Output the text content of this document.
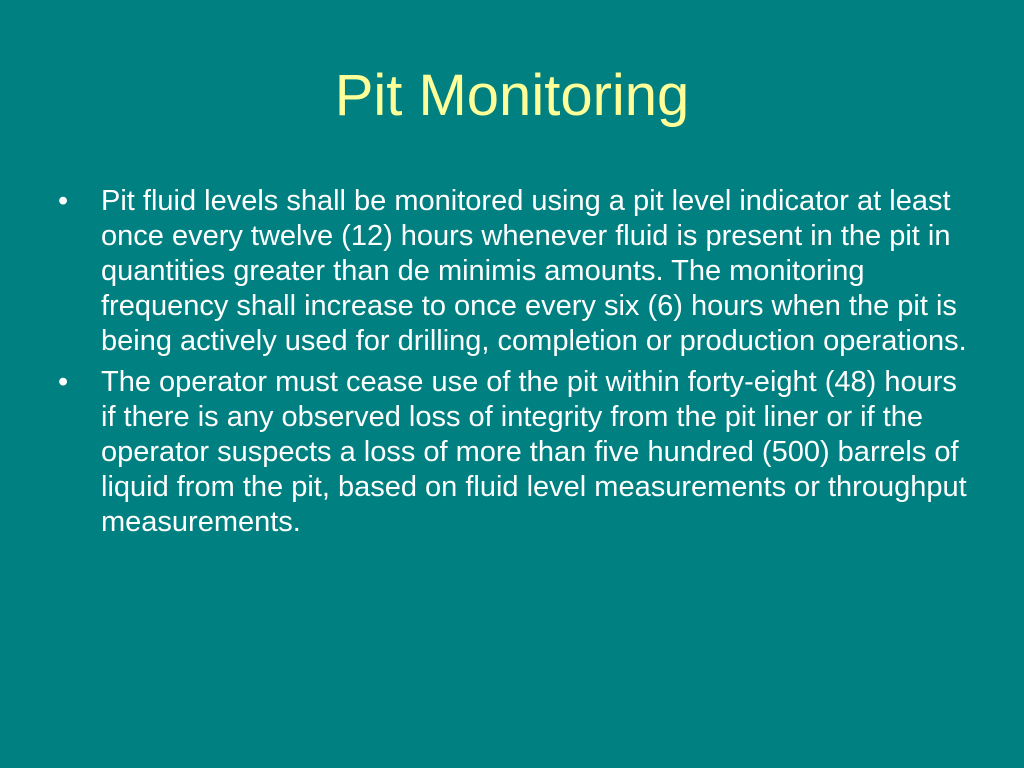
Pit Monitoring
•	Pit fluid levels shall be monitored using a pit level indicator at least once every twelve (12) hours whenever fluid is present in the pit in quantities greater than de minimis amounts. The monitoring frequency shall increase to once every six (6) hours when the pit is being actively used for drilling, completion or production operations.
•	The operator must cease use of the pit within forty-eight (48) hours if there is any observed loss of integrity from the pit liner or if the operator suspects a loss of more than five hundred (500) barrels of liquid from the pit, based on fluid level measurements or throughput measurements.
